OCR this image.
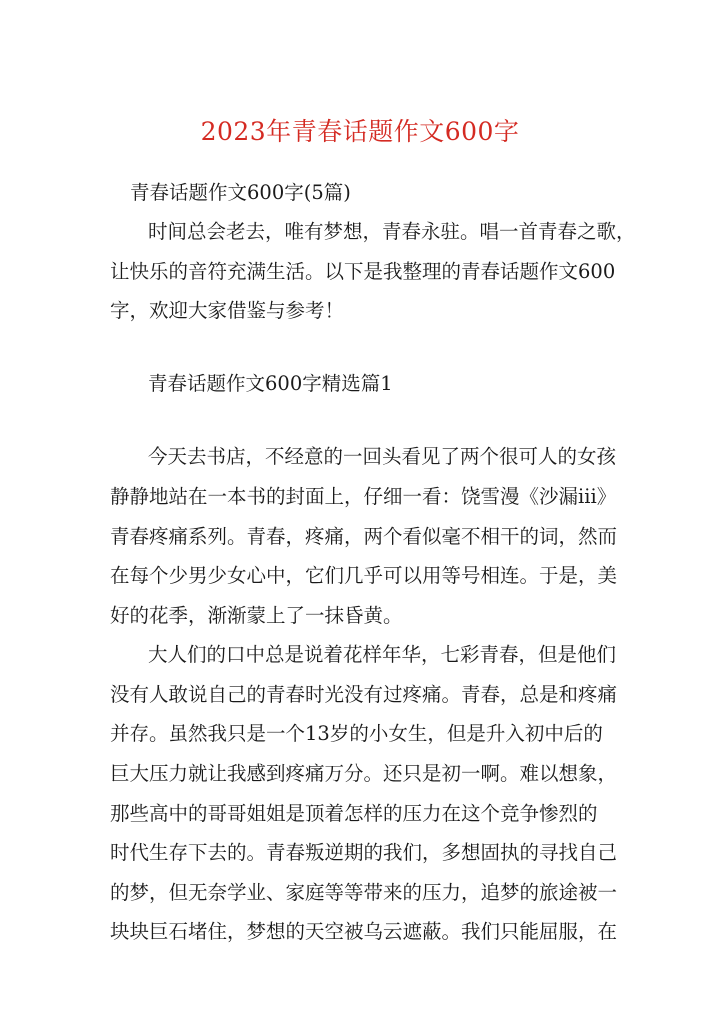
2023年青春话题作文600字
青春话题作文600字(5篇)
时间总会老去，唯有梦想，青春永驻。唱一首青春之歌，
让快乐的音符充满生活。以下是我整理的青春话题作文600
字，欢迎大家借鉴与参考！
青春话题作文600字精选篇1
今天去书店，不经意的一回头看见了两个很可人的女孩
静静地站在一本书的封面上，仔细一看：饶雪漫《沙漏iii》
青春疼痛系列。青春，疼痛，两个看似毫不相干的词，然而
在每个少男少女心中，它们几乎可以用等号相连。于是，美
好的花季，渐渐蒙上了一抹昏黄。
大人们的口中总是说着花样年华，七彩青春，但是他们
没有人敢说自己的青春时光没有过疼痛。青春，总是和疼痛
并存。虽然我只是一个13岁的小女生，但是升入初中后的
巨大压力就让我感到疼痛万分。还只是初一啊。难以想象，
那些高中的哥哥姐姐是顶着怎样的压力在这个竞争惨烈的
时代生存下去的。青春叛逆期的我们，多想固执的寻找自己
的梦，但无奈学业、家庭等等带来的压力，追梦的旅途被一
块块巨石堵住，梦想的天空被乌云遮蔽。我们只能屈服，在
